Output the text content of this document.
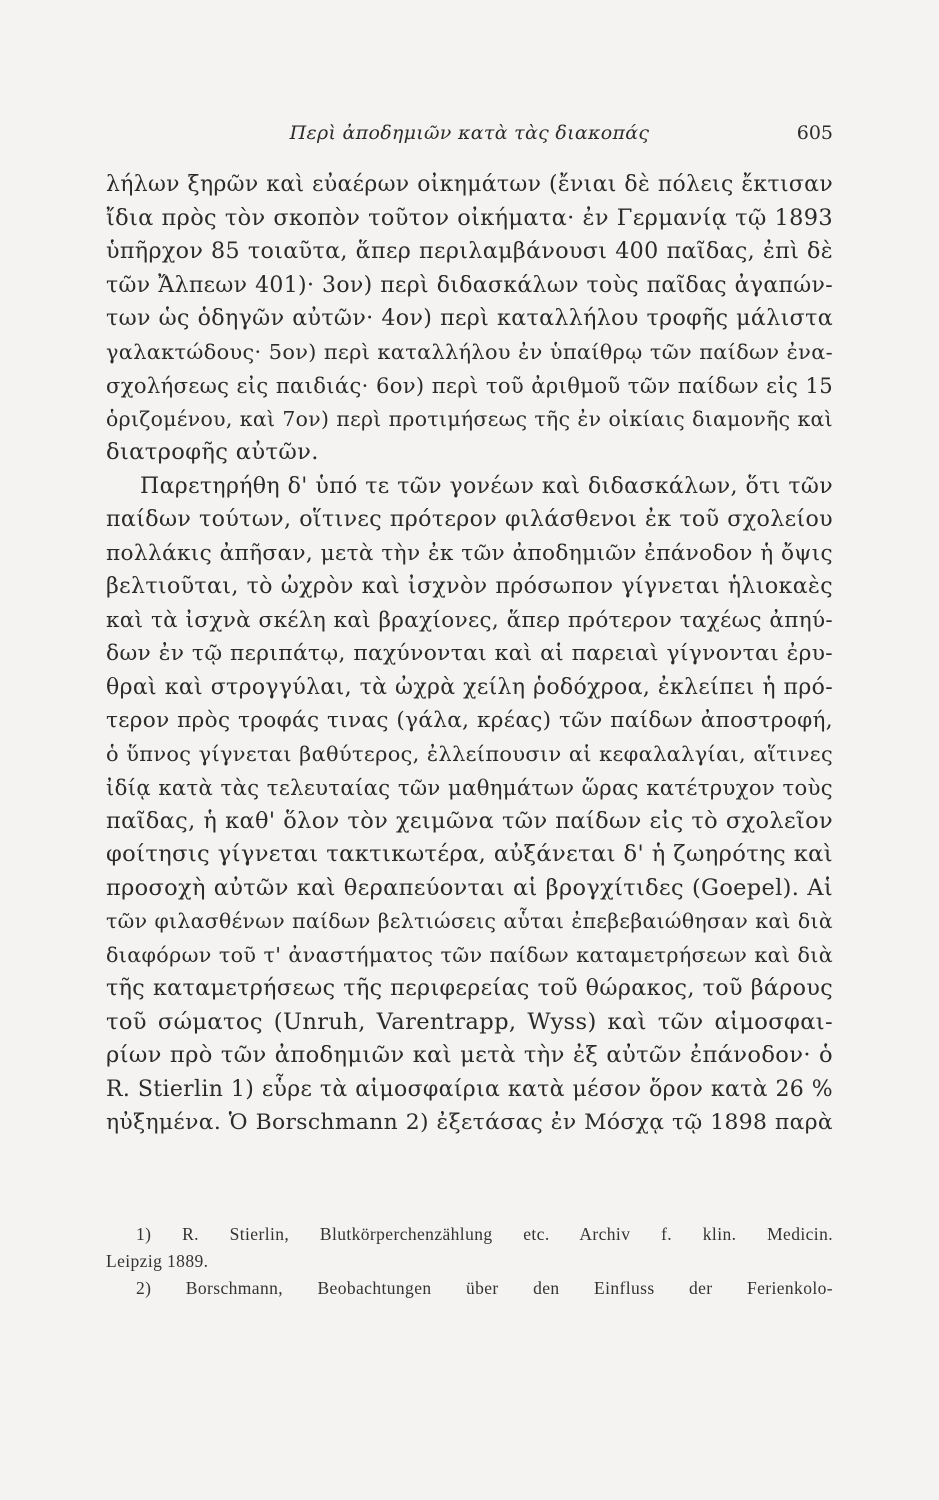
Περὶ ἀποδημιῶν κατὰ τὰς διακοπάς	605
λήλων ξηρῶν καὶ εὐαέρων οἰκημάτων (ἔνιαι δὲ πόλεις ἔκτισαν
ἴδια πρὸς τὸν σκοπὸν τοῦτον οἰκήματα· ἐν Γερμανίᾳ τῷ 1893
ὑπῆρχον 85 τοιαῦτα, ἅπερ περιλαμβάνουσι 400 παῖδας, ἐπὶ δὲ
τῶν Ἄλπεων 401)· 3ον) περὶ διδασκάλων τοὺς παῖδας ἀγαπών-
των ὡς ὁδηγῶν αὐτῶν· 4ον) περὶ καταλλήλου τροφῆς μάλιστα
γαλακτώδους· 5ον) περὶ καταλλήλου ἐν ὑπαίθρῳ τῶν παίδων ἐνα-
σχολήσεως εἰς παιδιάς· 6ον) περὶ τοῦ ἀριθμοῦ τῶν παίδων εἰς 15
ὁριζομένου, καὶ 7ον) περὶ προτιμήσεως τῆς ἐν οἰκίαις διαμονῆς καὶ
διατροφῆς αὐτῶν.
Παρετηρήθη δ' ὑπό τε τῶν γονέων καὶ διδασκάλων, ὅτι τῶν
παίδων τούτων, οἵτινες πρότερον φιλάσθενοι ἐκ τοῦ σχολείου
πολλάκις ἀπῆσαν, μετὰ τὴν ἐκ τῶν ἀποδημιῶν ἐπάνοδον ἡ ὄψις
βελτιοῦται, τὸ ὠχρὸν καὶ ἰσχνὸν πρόσωπον γίγνεται ἡλιοκαὲς
καὶ τὰ ἰσχνὰ σκέλη καὶ βραχίονες, ἅπερ πρότερον ταχέως ἀπηύ-
δων ἐν τῷ περιπάτῳ, παχύνονται καὶ αἱ παρειαὶ γίγνονται ἐρυ-
θραὶ καὶ στρογγύλαι, τὰ ὠχρὰ χείλη ῥοδόχροα, ἐκλείπει ἡ πρό-
τερον πρὸς τροφάς τινας (γάλα, κρέας) τῶν παίδων ἀποστροφή,
ὁ ὕπνος γίγνεται βαθύτερος, ἐλλείπουσιν αἱ κεφαλαλγίαι, αἵτινες
ἰδίᾳ κατὰ τὰς τελευταίας τῶν μαθημάτων ὥρας κατέτρυχον τοὺς
παῖδας, ἡ καθ' ὅλον τὸν χειμῶνα τῶν παίδων εἰς τὸ σχολεῖον
φοίτησις γίγνεται τακτικωτέρα, αὐξάνεται δ' ἡ ζωηρότης καὶ
προσοχὴ αὐτῶν καὶ θεραπεύονται αἱ βρογχίτιδες (Goepel). Αἱ
τῶν φιλασθένων παίδων βελτιώσεις αὗται ἐπεβεβαιώθησαν καὶ διὰ
διαφόρων τοῦ τ' ἀναστήματος τῶν παίδων καταμετρήσεων καὶ διὰ
τῆς καταμετρήσεως τῆς περιφερείας τοῦ θώρακος, τοῦ βάρους
τοῦ σώματος (Unruh, Varentrapp, Wyss) καὶ τῶν αἱμοσφαι-
ρίων πρὸ τῶν ἀποδημιῶν καὶ μετὰ τὴν ἐξ αὐτῶν ἐπάνοδον· ὁ
R. Stierlin 1) εὗρε τὰ αἱμοσφαίρια κατὰ μέσον ὅρον κατὰ 26 %
ηὐξημένα. Ὁ Borschmann 2) ἐξετάσας ἐν Μόσχᾳ τῷ 1898 παρὰ
1) R. Stierlin, Blutkörperchenzählung etc. Archiv f. klin. Medicin.
Leipzig 1889.
2) Borschmann, Beobachtungen über den Einfluss der Ferienkolo-
